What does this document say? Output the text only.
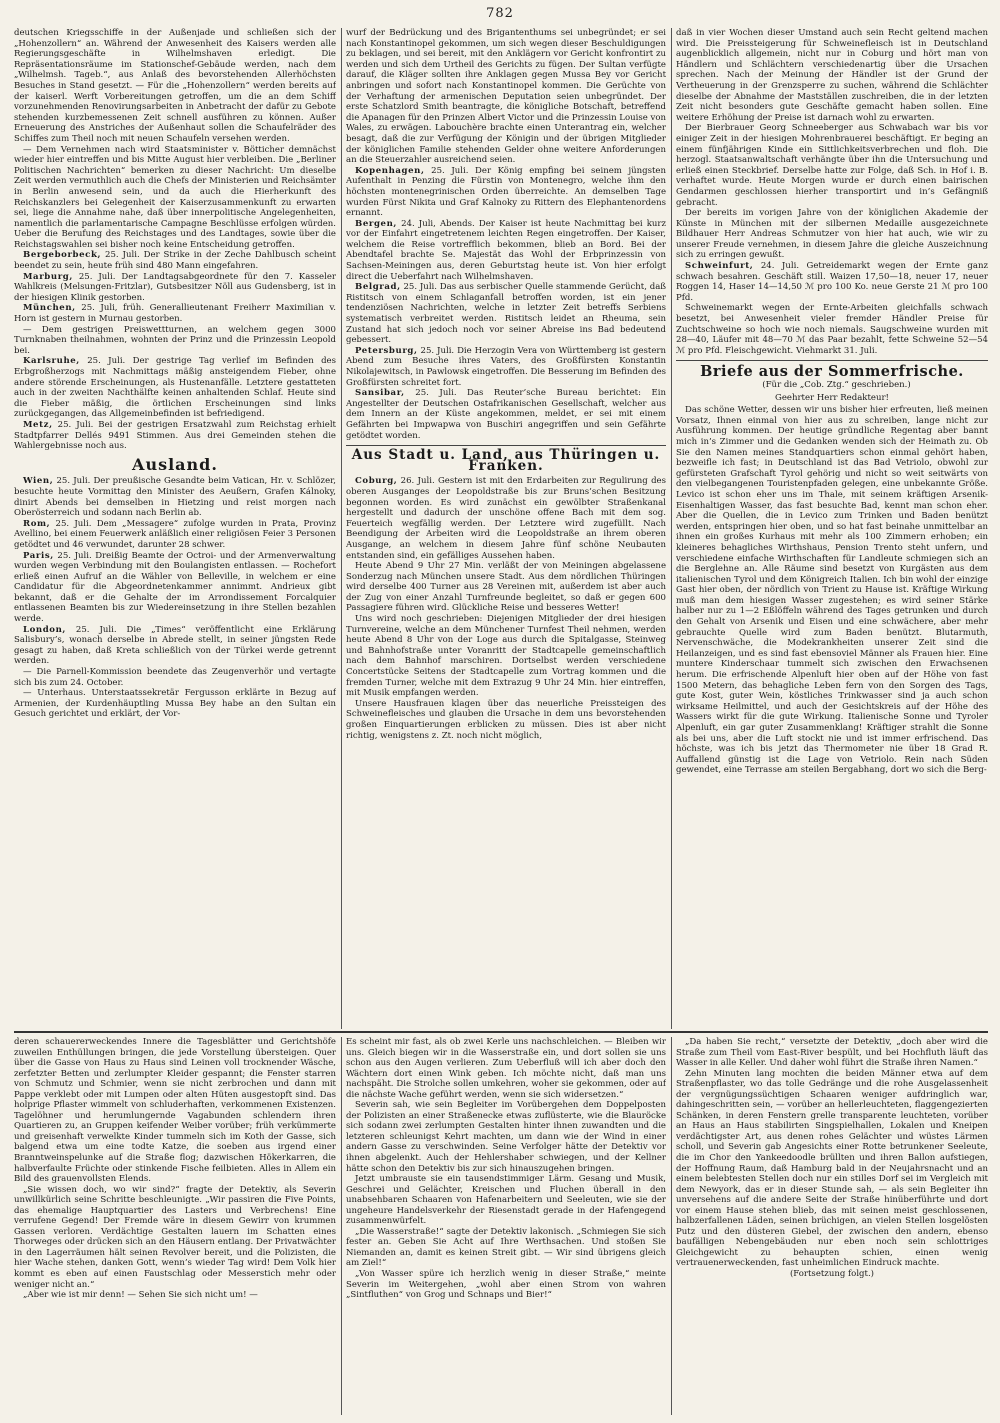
782

deutschen Kriegsschiffe in der Außenjade und schließen sich der „Hohenzollern“ an. Während der Anwesenheit des Kaisers werden alle Regierungsgeschäfte in Wilhelmshaven erledigt. Die Repräsentationsräume im Stationschef-Gebäude werden, nach dem „Wilhelmsh. Tageb.“, aus Anlaß des bevorstehenden Allerhöchsten Besuches in Stand gesetzt. — Für die „Hohenzollern“ werden bereits auf der kaiserl. Werft Vorbereitungen getroffen, um die an dem Schiff vorzunehmenden Renovirungsarbeiten in Anbetracht der dafür zu Gebote stehenden kurzbemessenen Zeit schnell ausführen zu können. Außer Erneuerung des Anstriches der Außenhaut sollen die Schaufelräder des Schiffes zum Theil noch mit neuen Schaufeln versehen werden.

— Dem Vernehmen nach wird Staatsminister v. Bötticher demnächst wieder hier eintreffen und bis Mitte August hier verbleiben. Die „Berliner Politischen Nachrichten“ bemerken zu dieser Nachricht: Um dieselbe Zeit werden vermuthlich auch die Chefs der Ministerien und Reichsämter in Berlin anwesend sein, und da auch die Hierherkunft des Reichskanzlers bei Gelegenheit der Kaiserzusammenkunft zu erwarten sei, liege die Annahme nahe, daß über innerpolitische Angelegenheiten, namentlich die parlamentarische Campagne Beschlüsse erfolgen würden. Ueber die Berufung des Reichstages und des Landtages, sowie über die Reichstagswahlen sei bisher noch keine Entscheidung getroffen.

Bergeborbeck, 25. Juli. Der Strike in der Zeche Dahlbusch scheint beendet zu sein, heute früh sind 480 Mann eingefahren.

Marburg, 25. Juli. Der Landtagsabgeordnete für den 7. Kasseler Wahlkreis (Melsungen-Fritzlar), Gutsbesitzer Nöll aus Gudensberg, ist in der hiesigen Klinik gestorben.

München, 25. Juli, früh. Generallieutenant Freiherr Maximilian v. Horn ist gestern in Murnau gestorben.

— Dem gestrigen Preiswettturnen, an welchem gegen 3000 Turnknaben theilnahmen, wohnten der Prinz und die Prinzessin Leopold bei.

Karlsruhe, 25. Juli. Der gestrige Tag verlief im Befinden des Erbgroßherzogs mit Nachmittags mäßig ansteigendem Fieber, ohne andere störende Erscheinungen, als Hustenanfälle. Letztere gestatteten auch in der zweiten Nachthälfte keinen anhaltenden Schlaf. Heute sind die Fieber mäßig, die örtlichen Erscheinungen sind links zurückgegangen, das Allgemeinbefinden ist befriedigend.

Metz, 25. Juli. Bei der gestrigen Ersatzwahl zum Reichstag erhielt Stadtpfarrer Dellés 9491 Stimmen. Aus drei Gemeinden stehen die Wahlergebnisse noch aus.

Ausland.

Wien, 25. Juli. Der preußische Gesandte beim Vatican, Hr. v. Schlözer, besuchte heute Vormittag den Minister des Aeußern, Grafen Kálnoky, dinirt Abends bei demselben in Hietzing und reist morgen nach Oberösterreich und sodann nach Berlin ab.

Rom, 25. Juli. Dem „Messagere“ zufolge wurden in Prata, Provinz Avellino, bei einem Feuerwerk anläßlich einer religiösen Feier 3 Personen getödtet und 46 verwundet, darunter 28 schwer.

Paris, 25. Juli. Dreißig Beamte der Octroi- und der Armenverwaltung wurden wegen Verbindung mit den Boulangisten entlassen. — Rochefort erließ einen Aufruf an die Wähler von Belleville, in welchem er eine Candidatur für die Abgeordnetenkammer annimmt. Andrieux gibt bekannt, daß er die Gehalte der im Arrondissement Forcalquier entlassenen Beamten bis zur Wiedereinsetzung in ihre Stellen bezahlen werde.

London, 25. Juli. Die „Times“ veröffentlicht eine Erklärung Salisbury’s, wonach derselbe in Abrede stellt, in seiner jüngsten Rede gesagt zu haben, daß Kreta schließlich von der Türkei werde getrennt werden.

— Die Parnell-Kommission beendete das Zeugenverhör und vertagte sich bis zum 24. October.

— Unterhaus. Unterstaatssekretär Fergusson erklärte in Bezug auf Armenien, der Kurdenhäuptling Mussa Bey habe an den Sultan ein Gesuch gerichtet und erklärt, der Vor-

wurf der Bedrückung und des Brigantenthums sei unbegründet; er sei nach Konstantinopel gekommen, um sich wegen dieser Beschuldigungen zu beklagen, und sei bereit, mit den Anklägern vor Gericht konfrontirt zu werden und sich dem Urtheil des Gerichts zu fügen. Der Sultan verfügte darauf, die Kläger sollten ihre Anklagen gegen Mussa Bey vor Gericht anbringen und sofort nach Konstantinopel kommen. Die Gerüchte von der Verhaftung der armenischen Deputation seien unbegründet. Der erste Schatzlord Smith beantragte, die königliche Botschaft, betreffend die Apanagen für den Prinzen Albert Victor und die Prinzessin Louise von Wales, zu erwägen. Labouchère brachte einen Unterantrag ein, welcher besagt, daß die zur Verfügung der Königin und der übrigen Mitglieder der königlichen Familie stehenden Gelder ohne weitere Anforderungen an die Steuerzahler ausreichend seien.

Kopenhagen, 25. Juli. Der König empfing bei seinem jüngsten Aufenthalt in Penzing die Fürstin von Montenegro, welche ihm den höchsten montenegrinischen Orden überreichte. An demselben Tage wurden Fürst Nikita und Graf Kalnoky zu Rittern des Elephantenordens ernannt.

Bergen, 24. Juli, Abends. Der Kaiser ist heute Nachmittag bei kurz vor der Einfahrt eingetretenem leichten Regen eingetroffen. Der Kaiser, welchem die Reise vortrefflich bekommen, blieb an Bord. Bei der Abendtafel brachte Se. Majestät das Wohl der Erbprinzessin von Sachsen-Meiningen aus, deren Geburtstag heute ist. Von hier erfolgt direct die Ueberfahrt nach Wilhelmshaven.

Belgrad, 25. Juli. Das aus serbischer Quelle stammende Gerücht, daß Ristitsch von einem Schlaganfall betroffen worden, ist ein jener tendenziösen Nachrichten, welche in letzter Zeit betreffs Serbiens systematisch verbreitet werden. Ristitsch leidet an Rheuma, sein Zustand hat sich jedoch noch vor seiner Abreise ins Bad bedeutend gebessert.

Petersburg, 25. Juli. Die Herzogin Vera von Württemberg ist gestern Abend zum Besuche ihres Vaters, des Großfürsten Konstantin Nikolajewitsch, in Pawlowsk eingetroffen. Die Besserung im Befinden des Großfürsten schreitet fort.

Sansibar, 25. Juli. Das Reuter’sche Bureau berichtet: Ein Angestellter der Deutschen Ostafrikanischen Gesellschaft, welcher aus dem Innern an der Küste angekommen, meldet, er sei mit einem Gefährten bei Impwapwa von Buschiri angegriffen und sein Gefährte getödtet worden.

Aus Stadt u. Land, aus Thüringen u. Franken.

Coburg, 26. Juli. Gestern ist mit den Erdarbeiten zur Regulirung des oberen Ausganges der Leopoldstraße bis zur Bruns’schen Besitzung begonnen worden. Es wird zunächst ein gewölbter Straßenkanal hergestellt und dadurch der unschöne offene Bach mit dem sog. Feuerteich wegfällig werden. Der Letztere wird zugefüllt. Nach Beendigung der Arbeiten wird die Leopoldstraße an ihrem oberen Ausgange, an welchem in diesem Jahre fünf schöne Neubauten entstanden sind, ein gefälliges Aussehen haben.

Heute Abend 9 Uhr 27 Min. verläßt der von Meiningen abgelassene Sonderzug nach München unsere Stadt. Aus dem nördlichen Thüringen wird derselbe 400 Turner aus 28 Vereinen mit, außerdem ist aber auch der Zug von einer Anzahl Turnfreunde begleitet, so daß er gegen 600 Passagiere führen wird. Glückliche Reise und besseres Wetter!

Uns wird noch geschrieben: Diejenigen Mitglieder der drei hiesigen Turnvereine, welche an dem Münchener Turnfest Theil nehmen, werden heute Abend 8 Uhr von der Loge aus durch die Spitalgasse, Steinweg und Bahnhofstraße unter Voranritt der Stadtcapelle gemeinschaftlich nach dem Bahnhof marschiren. Dortselbst werden verschiedene Concertstücke Seitens der Stadtcapelle zum Vortrag kommen und die fremden Turner, welche mit dem Extrazug 9 Uhr 24 Min. hier eintreffen, mit Musik empfangen werden.

Unsere Hausfrauen klagen über das neuerliche Preissteigen des Schweinefleisches und glauben die Ursache in dem uns bevorstehenden großen Einquartierungen erblicken zu müssen. Dies ist aber nicht richtig, wenigstens z. Zt. noch nicht möglich,

daß in vier Wochen dieser Umstand auch sein Recht geltend machen wird. Die Preissteigerung für Schweinefleisch ist in Deutschland augenblicklich allgemein, nicht nur in Coburg und hört man von Händlern und Schlächtern verschiedenartig über die Ursachen sprechen. Nach der Meinung der Händler ist der Grund der Vertheuerung in der Grenzsperre zu suchen, während die Schlächter dieselbe der Abnahme der Mastställen zuschreiben, die in der letzten Zeit nicht besonders gute Geschäfte gemacht haben sollen. Eine weitere Erhöhung der Preise ist darnach wohl zu erwarten.

Der Bierbrauer Georg Schneeberger aus Schwabach war bis vor einiger Zeit in der hiesigen Mohrenbrauerei beschäftigt. Er beging an einem fünfjährigen Kinde ein Sittlichkeitsverbrechen und floh. Die herzogl. Staatsanwaltschaft verhängte über ihn die Untersuchung und erließ einen Steckbrief. Derselbe hatte zur Folge, daß Sch. in Hof i. B. verhaftet wurde. Heute Morgen wurde er durch einen bairischen Gendarmen geschlossen hierher transportirt und in’s Gefängniß gebracht.

Der bereits im vorigen Jahre von der königlichen Akademie der Künste in München mit der silbernen Medaille ausgezeichnete Bildhauer Herr Andreas Schmutzer von hier hat auch, wie wir zu unserer Freude vernehmen, in diesem Jahre die gleiche Auszeichnung sich zu erringen gewußt.

Schweinfurt, 24. Juli. Getreidemarkt wegen der Ernte ganz schwach besahren. Geschäft still. Waizen 17,50—18, neuer 17, neuer Roggen 14, Haser 14—14,50 ℳ pro 100 Ko. neue Gerste 21 ℳ pro 100 Pfd.

Schweinemarkt wegen der Ernte-Arbeiten gleichfalls schwach besetzt, bei Anwesenheit vieler fremder Händler Preise für Zuchtschweine so hoch wie noch niemals. Saugschweine wurden mit 28—40, Läufer mit 48—70 ℳ das Paar bezahlt, fette Schweine 52—54 ℳ pro Pfd. Fleischgewicht. Viehmarkt 31. Juli.

Briefe aus der Sommerfrische.

(Für die „Cob. Ztg.“ geschrieben.)

Geehrter Herr Redakteur!

Das schöne Wetter, dessen wir uns bisher hier erfreuten, ließ meinen Vorsatz, Ihnen einmal von hier aus zu schreiben, lange nicht zur Ausführung kommen. Der heutige gründliche Regentag aber bannt mich in’s Zimmer und die Gedanken wenden sich der Heimath zu. Ob Sie den Namen meines Standquartiers schon einmal gehört haben, bezweifle ich fast; in Deutschland ist das Bad Vetriolo, obwohl zur gefürsteten Grafschaft Tyrol gehörig und nicht so weit seitwärts von den vielbegangenen Touristenpfaden gelegen, eine unbekannte Größe. Levico ist schon eher uns im Thale, mit seinem kräftigen Arsenik-Eisenhaltigen Wasser, das fast besuchte Bad, kennt man schon eher. Aber die Quellen, die in Levico zum Trinken und Baden benützt werden, entspringen hier oben, und so hat fast beinahe unmittelbar an ihnen ein großes Kurhaus mit mehr als 100 Zimmern erhoben; ein kleineres behagliches Wirthshaus, Pension Trento steht unfern, und verschiedene einfache Wirthschaften für Landleute schmiegen sich an die Berglehne an. Alle Räume sind besetzt von Kurgästen aus dem italienischen Tyrol und dem Königreich Italien. Ich bin wohl der einzige Gast hier oben, der nördlich von Trient zu Hause ist. Kräftige Wirkung muß man dem hiesigen Wasser zugestehen; es wird seiner Stärke halber nur zu 1—2 Eßlöffeln während des Tages getrunken und durch den Gehalt von Arsenik und Eisen und eine schwächere, aber mehr gebrauchte Quelle wird zum Baden benützt. Blutarmuth, Nervenschwäche, die Modekrankheiten unserer Zeit sind die Heilanzeigen, und es sind fast ebensoviel Männer als Frauen hier. Eine muntere Kinderschaar tummelt sich zwischen den Erwachsenen herum. Die erfrischende Alpenluft hier oben auf der Höhe von fast 1500 Metern, das behagliche Leben fern von den Sorgen des Tags, gute Kost, guter Wein, köstliches Trinkwasser sind ja auch schon wirksame Heilmittel, und auch der Gesichtskreis auf der Höhe des Wassers wirkt für die gute Wirkung. Italienische Sonne und Tyroler Alpenluft, ein gar guter Zusammenklang! Kräftiger strahlt die Sonne als bei uns, aber die Luft stockt nie und ist immer erfrischend. Das höchste, was ich bis jetzt das Thermometer nie über 18 Grad R. Auffallend günstig ist die Lage von Vetriolo. Rein nach Süden gewendet, eine Terrasse am steilen Bergabhang, dort wo sich die Berg-

deren schauererweckendes Innere die Tagesblätter und Gerichtshöfe zuweilen Enthüllungen bringen, die jede Vorstellung übersteigen. Quer über die Gasse von Haus zu Haus sind Leinen voll trocknender Wäsche, zerfetzter Betten und zerlumpter Kleider gespannt; die Fenster starren von Schmutz und Schmier, wenn sie nicht zerbrochen und dann mit Pappe verklebt oder mit Lumpen oder alten Hüten ausgestopft sind. Das holprige Pflaster wimmelt von schluderhaften, verkommenen Existenzen. Tagelöhner und herumlungernde Vagabunden schlendern ihren Quartieren zu, an Gruppen keifender Weiber vorüber; früh verkümmerte und greisenhaft verwelkte Kinder tummeln sich im Koth der Gasse, sich balgend etwa um eine todte Katze, die soeben aus irgend einer Branntweinspelunke auf die Straße flog; dazwischen Hökerkarren, die halbverfaulte Früchte oder stinkende Fische feilbieten. Alles in Allem ein Bild des grauenvollsten Elends.

„Sie wissen doch, wo wir sind?“ fragte der Detektiv, als Severin unwillkürlich seine Schritte beschleunigte. „Wir passiren die Five Points, das ehemalige Hauptquartier des Lasters und Verbrechens! Eine verrufene Gegend! Der Fremde wäre in diesem Gewirr von krummen Gassen verloren. Verdächtige Gestalten lauern im Schatten eines Thorweges oder drücken sich an den Häusern entlang. Der Privatwächter in den Lagerräumen hält seinen Revolver bereit, und die Polizisten, die hier Wache stehen, danken Gott, wenn’s wieder Tag wird! Dem Volk hier kommt es eben auf einen Faustschlag oder Messerstich mehr oder weniger nicht an.“

„Aber wie ist mir denn! — Sehen Sie sich nicht um! —

Es scheint mir fast, als ob zwei Kerle uns nachschleichen. — Bleiben wir uns. Gleich biegen wir in die Wasserstraße ein, und dort sollen sie uns schon aus den Augen verlieren. Zum Ueberfluß will ich aber doch den Wächtern dort einen Wink geben. Ich möchte nicht, daß man uns nachspäht. Die Strolche sollen umkehren, woher sie gekommen, oder auf die nächste Wache geführt werden, wenn sie sich widersetzen.“

Severin sah, wie sein Begleiter im Vorübergehen dem Doppelposten der Polizisten an einer Straßenecke etwas zuflüsterte, wie die Blauröcke sich sodann zwei zerlumpten Gestalten hinter ihnen zuwandten und die letzteren schleunigst Kehrt machten, um dann wie der Wind in einer andern Gasse zu verschwinden. Seine Verfolger hätte der Detektiv vor ihnen abgelenkt. Auch der Hehlershaber schwiegen, und der Kellner hätte schon den Detektiv bis zur sich hinauszugehen bringen.

Jetzt umbrauste sie ein tausendstimmiger Lärm. Gesang und Musik, Geschrei und Gelächter, Kreischen und Fluchen überall in den unabsehbaren Schaaren von Hafenarbeitern und Seeleuten, wie sie der ungeheure Handelsverkehr der Riesenstadt gerade in der Hafengegend zusammenwürfelt.

„Die Wasserstraße!“ sagte der Detektiv lakonisch. „Schmiegen Sie sich fester an. Geben Sie Acht auf Ihre Werthsachen. Und stoßen Sie Niemanden an, damit es keinen Streit gibt. — Wir sind übrigens gleich am Ziel!“

„Von Wasser spüre ich herzlich wenig in dieser Straße,“ meinte Severin im Weitergehen, „wohl aber einen Strom von wahren „Sintfluthen“ von Grog und Schnaps und Bier!“

„Da haben Sie recht,“ versetzte der Detektiv, „doch aber wird die Straße zum Theil vom East-River bespült, und bei Hochfluth läuft das Wasser in alle Keller. Und daher wohl führt die Straße ihren Namen.“

Zehn Minuten lang mochten die beiden Männer etwa auf dem Straßenpflaster, wo das tolle Gedränge und die rohe Ausgelassenheit der vergnügungssüchtigen Schaaren weniger aufdringlich war, dahingeschritten sein, — vorüber an hellerleuchteten, flaggengezierten Schänken, in deren Fenstern grelle transparente leuchteten, vorüber an Haus an Haus stabilirten Singspielhallen, Lokalen und Kneipen verdächtigster Art, aus denen rohes Gelächter und wüstes Lärmen scholl, und Severin gab Angesichts einer Rotte betrunkener Seeleute, die im Chor den Yankeedoodle brüllten und ihren Ballon aufstiegen, der Hoffnung Raum, daß Hamburg bald in der Neujahrsnacht und an einem belebtesten Stellen doch nur ein stilles Dorf sei im Vergleich mit dem Newyork, das er in dieser Stunde sah, — als sein Begleiter ihn unversehens auf die andere Seite der Straße hinüberführte und dort vor einem Hause stehen blieb, das mit seinen meist geschlossenen, halbzerfallenen Läden, seinen brüchigen, an vielen Stellen losgelösten Putz und den düsteren Giebel, der zwischen den andern, ebenso baufälligen Nebengebäuden nur eben noch sein schlottriges Gleichgewicht zu behaupten schien, einen wenig vertrauenerweckenden, fast unheimlichen Eindruck machte.

(Fortsetzung folgt.)
